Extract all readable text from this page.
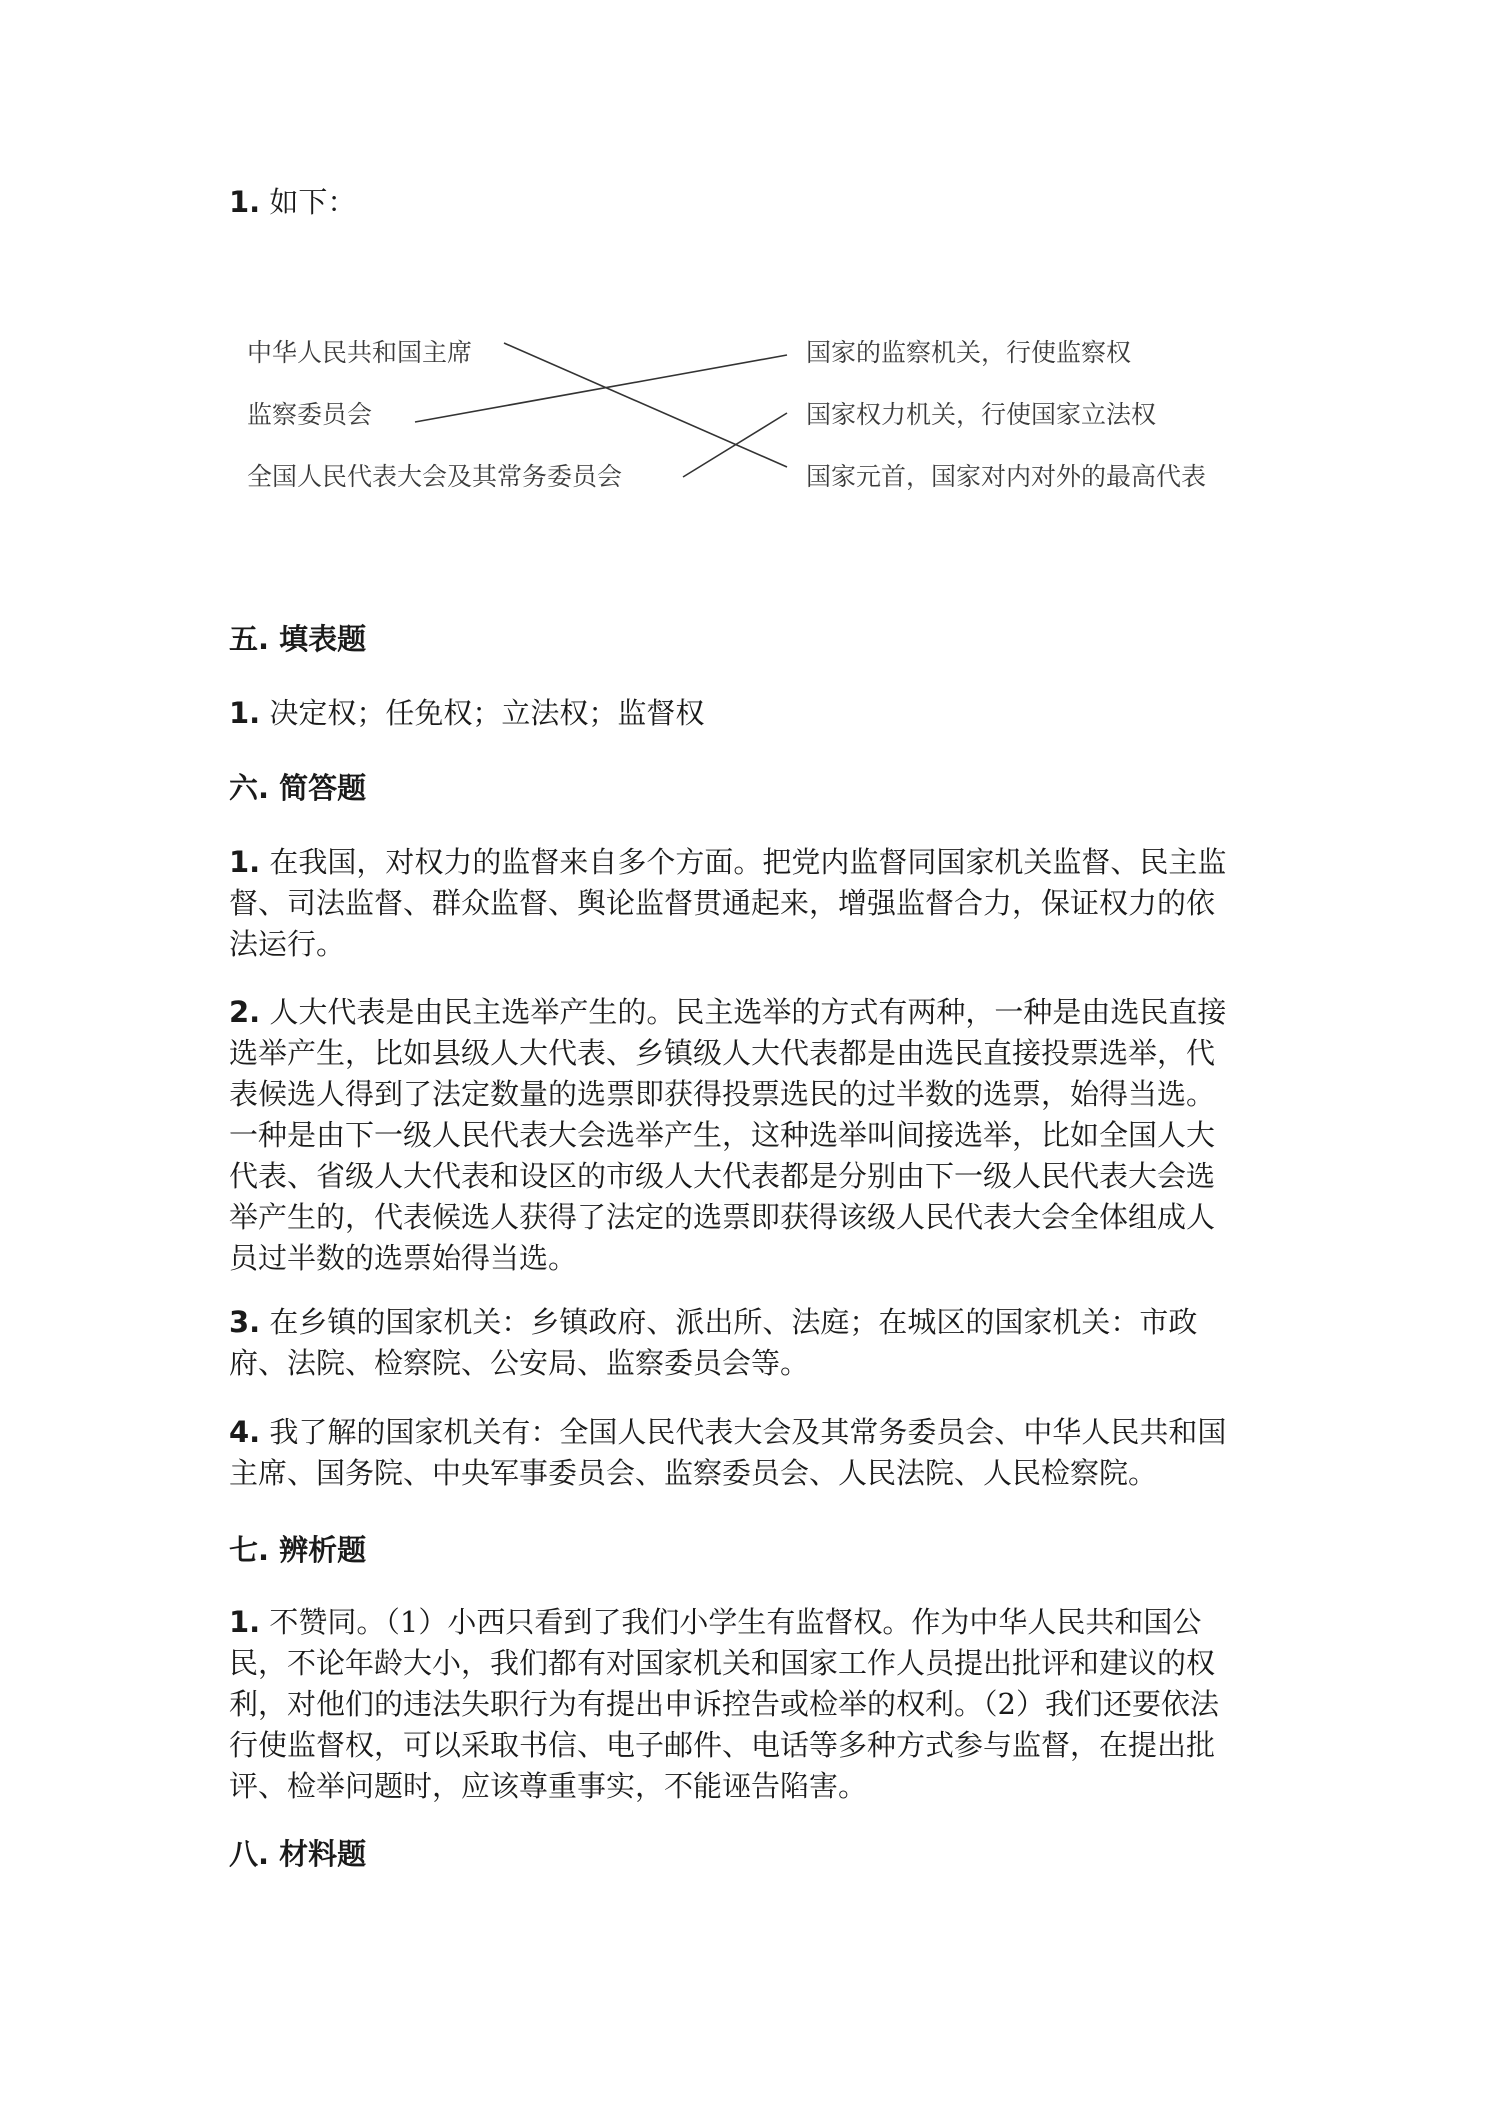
1. 如下：

中华人民共和国主席
监察委员会
全国人民代表大会及其常务委员会
国家的监察机关，行使监察权
国家权力机关，行使国家立法权
国家元首，国家对内对外的最高代表
五. 填表题

1. 决定权；任免权；立法权；监督权

六. 简答题

1. 在我国，对权力的监督来自多个方面。把党内监督同国家机关监督、民主监
督、司法监督、群众监督、舆论监督贯通起来，增强监督合力，保证权力的依
法运行。

2. 人大代表是由民主选举产生的。民主选举的方式有两种，一种是由选民直接
选举产生，比如县级人大代表、乡镇级人大代表都是由选民直接投票选举，代
表候选人得到了法定数量的选票即获得投票选民的过半数的选票，始得当选。
一种是由下一级人民代表大会选举产生，这种选举叫间接选举，比如全国人大
代表、省级人大代表和设区的市级人大代表都是分别由下一级人民代表大会选
举产生的，代表候选人获得了法定的选票即获得该级人民代表大会全体组成人
员过半数的选票始得当选。

3. 在乡镇的国家机关：乡镇政府、派出所、法庭；在城区的国家机关：市政
府、法院、检察院、公安局、监察委员会等。

4. 我了解的国家机关有：全国人民代表大会及其常务委员会、中华人民共和国
主席、国务院、中央军事委员会、监察委员会、人民法院、人民检察院。

七. 辨析题

1. 不赞同。（1）小西只看到了我们小学生有监督权。作为中华人民共和国公
民，不论年龄大小，我们都有对国家机关和国家工作人员提出批评和建议的权
利，对他们的违法失职行为有提出申诉控告或检举的权利。（2）我们还要依法
行使监督权，可以采取书信、电子邮件、电话等多种方式参与监督，在提出批
评、检举问题时，应该尊重事实，不能诬告陷害。

八. 材料题
